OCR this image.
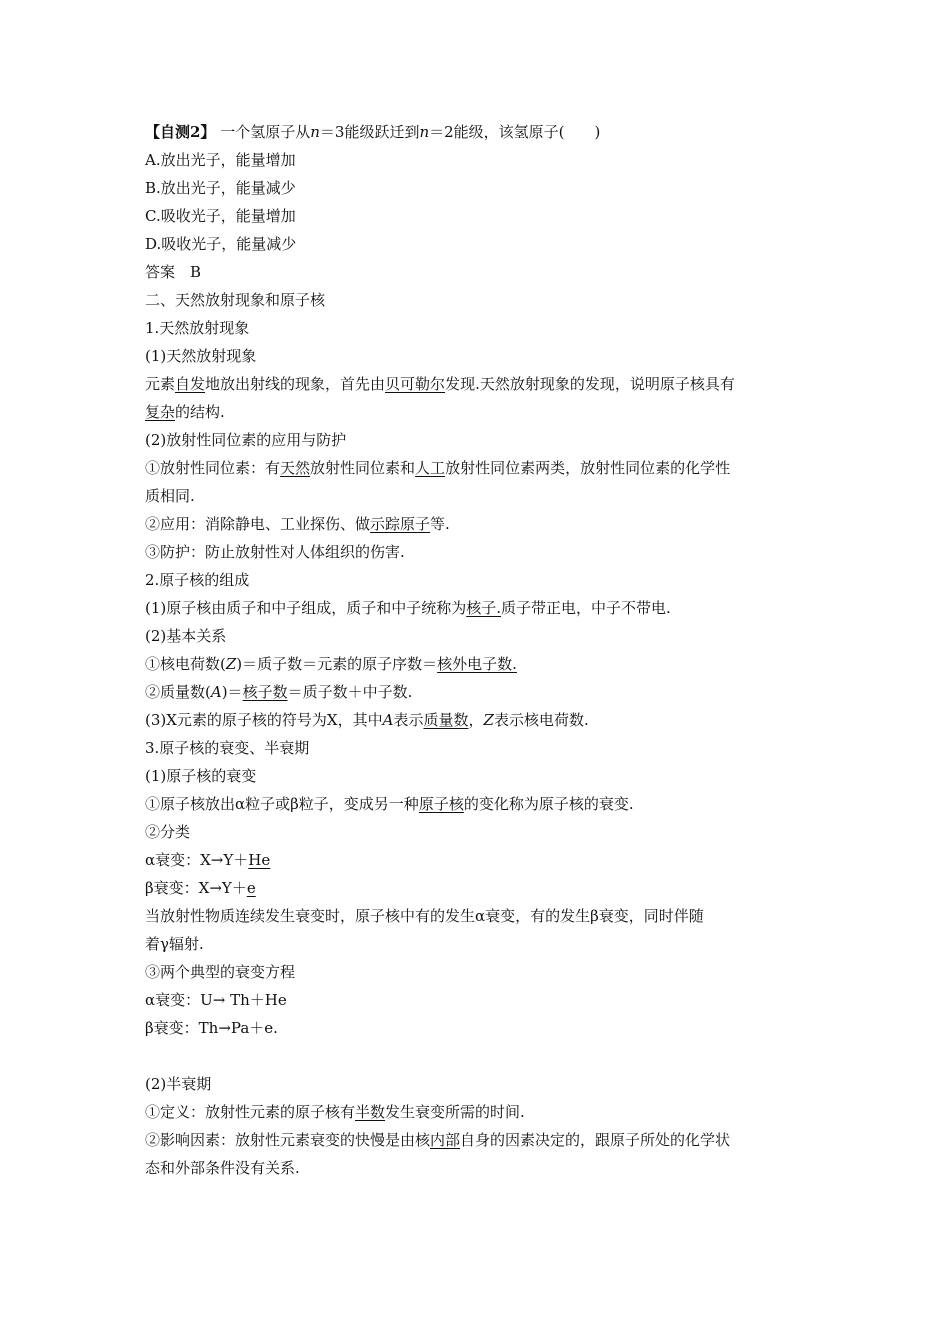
【自测2】 一个氢原子从n＝3能级跃迁到n＝2能级，该氢原子(　　)
A.放出光子，能量增加
B.放出光子，能量减少
C.吸收光子，能量增加
D.吸收光子，能量减少
答案　B
二、天然放射现象和原子核
1.天然放射现象
(1)天然放射现象
元素自发地放出射线的现象，首先由贝可勒尔发现.天然放射现象的发现，说明原子核具有
复杂的结构.
(2)放射性同位素的应用与防护
①放射性同位素：有天然放射性同位素和人工放射性同位素两类，放射性同位素的化学性
质相同.
②应用：消除静电、工业探伤、做示踪原子等.
③防护：防止放射性对人体组织的伤害.
2.原子核的组成
(1)原子核由质子和中子组成，质子和中子统称为核子.质子带正电，中子不带电.
(2)基本关系
①核电荷数(Z)＝质子数＝元素的原子序数＝核外电子数.
②质量数(A)＝核子数＝质子数＋中子数.
(3)X元素的原子核的符号为X，其中A表示质量数，Z表示核电荷数.
3.原子核的衰变、半衰期
(1)原子核的衰变
①原子核放出α粒子或β粒子，变成另一种原子核的变化称为原子核的衰变.
②分类
α衰变：X→Y＋He
β衰变：X→Y＋e
当放射性物质连续发生衰变时，原子核中有的发生α衰变，有的发生β衰变，同时伴随
着γ辐射.
③两个典型的衰变方程
α衰变：U→ Th＋He
β衰变：Th→Pa＋e.
(2)半衰期
①定义：放射性元素的原子核有半数发生衰变所需的时间.
②影响因素：放射性元素衰变的快慢是由核内部自身的因素决定的，跟原子所处的化学状
态和外部条件没有关系.
